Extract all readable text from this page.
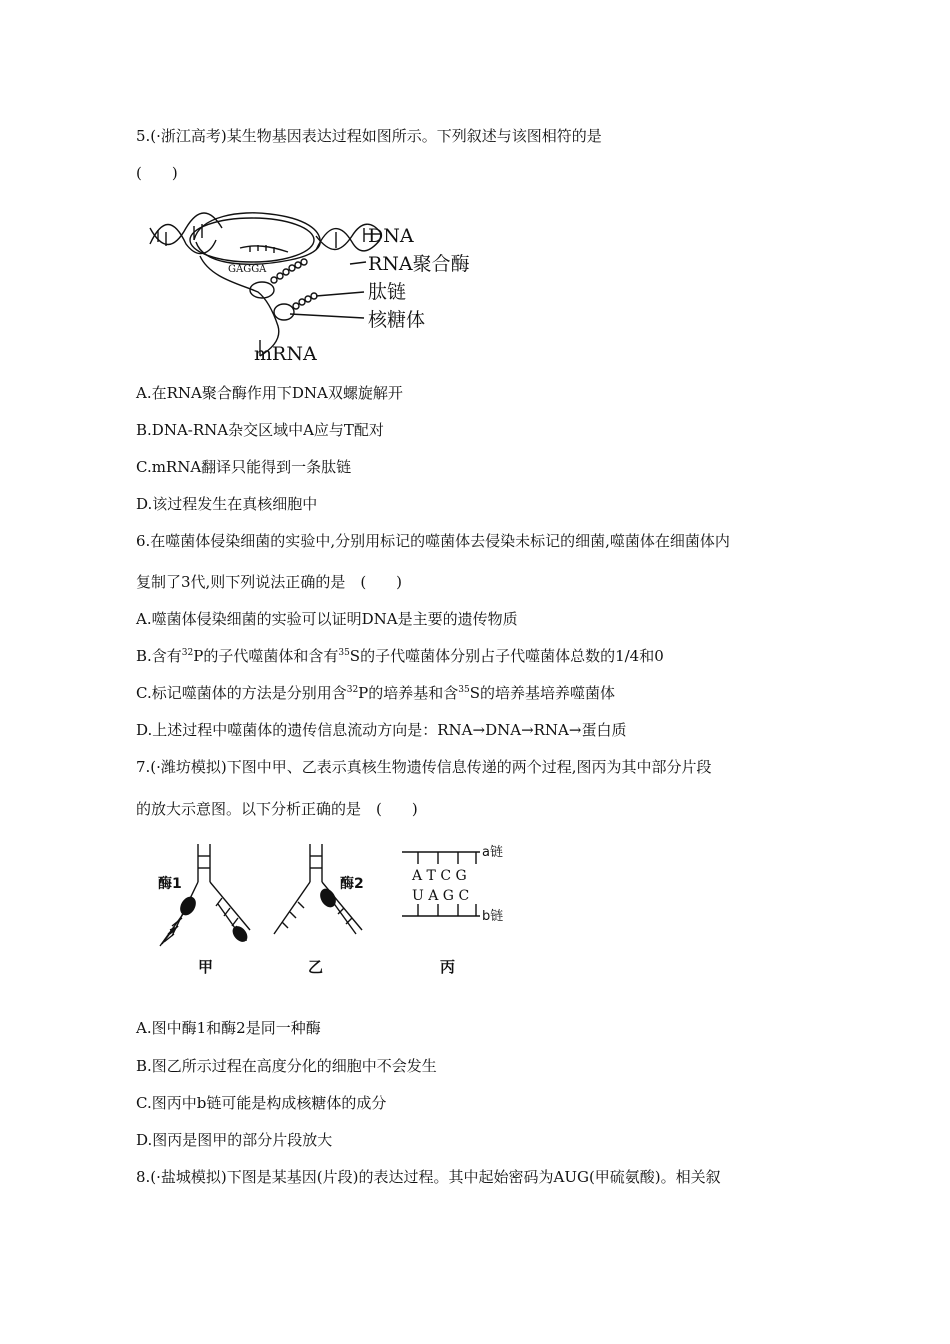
5.(·浙江高考)某生物基因表达过程如图所示。下列叙述与该图相符的是
(　　)
GAGGA
DNA
RNA聚合酶
肽链
核糖体
mRNA
A.在RNA聚合酶作用下DNA双螺旋解开
B.DNA-RNA杂交区域中A应与T配对
C.mRNA翻译只能得到一条肽链
D.该过程发生在真核细胞中
6.在噬菌体侵染细菌的实验中,分别用标记的噬菌体去侵染未标记的细菌,噬菌体在细菌体内
复制了3代,则下列说法正确的是　(　　)
A.噬菌体侵染细菌的实验可以证明DNA是主要的遗传物质
B.含有$^{32}$P的子代噬菌体和含有$^{35}$S的子代噬菌体分别占子代噬菌体总数的1/4和0
C.标记噬菌体的方法是分别用含$^{32}$P的培养基和含$^{35}$S的培养基培养噬菌体
D.上述过程中噬菌体的遗传信息流动方向是：RNA→DNA→RNA→蛋白质
7.(·潍坊模拟)下图中甲、乙表示真核生物遗传信息传递的两个过程,图丙为其中部分片段
的放大示意图。以下分析正确的是　(　　)
酶1	酶2
a链
b链
A T C G
U A G C
甲	乙	丙
A.图中酶1和酶2是同一种酶
B.图乙所示过程在高度分化的细胞中不会发生
C.图丙中b链可能是构成核糖体的成分
D.图丙是图甲的部分片段放大
8.(·盐城模拟)下图是某基因(片段)的表达过程。其中起始密码为AUG(甲硫氨酸)。相关叙
